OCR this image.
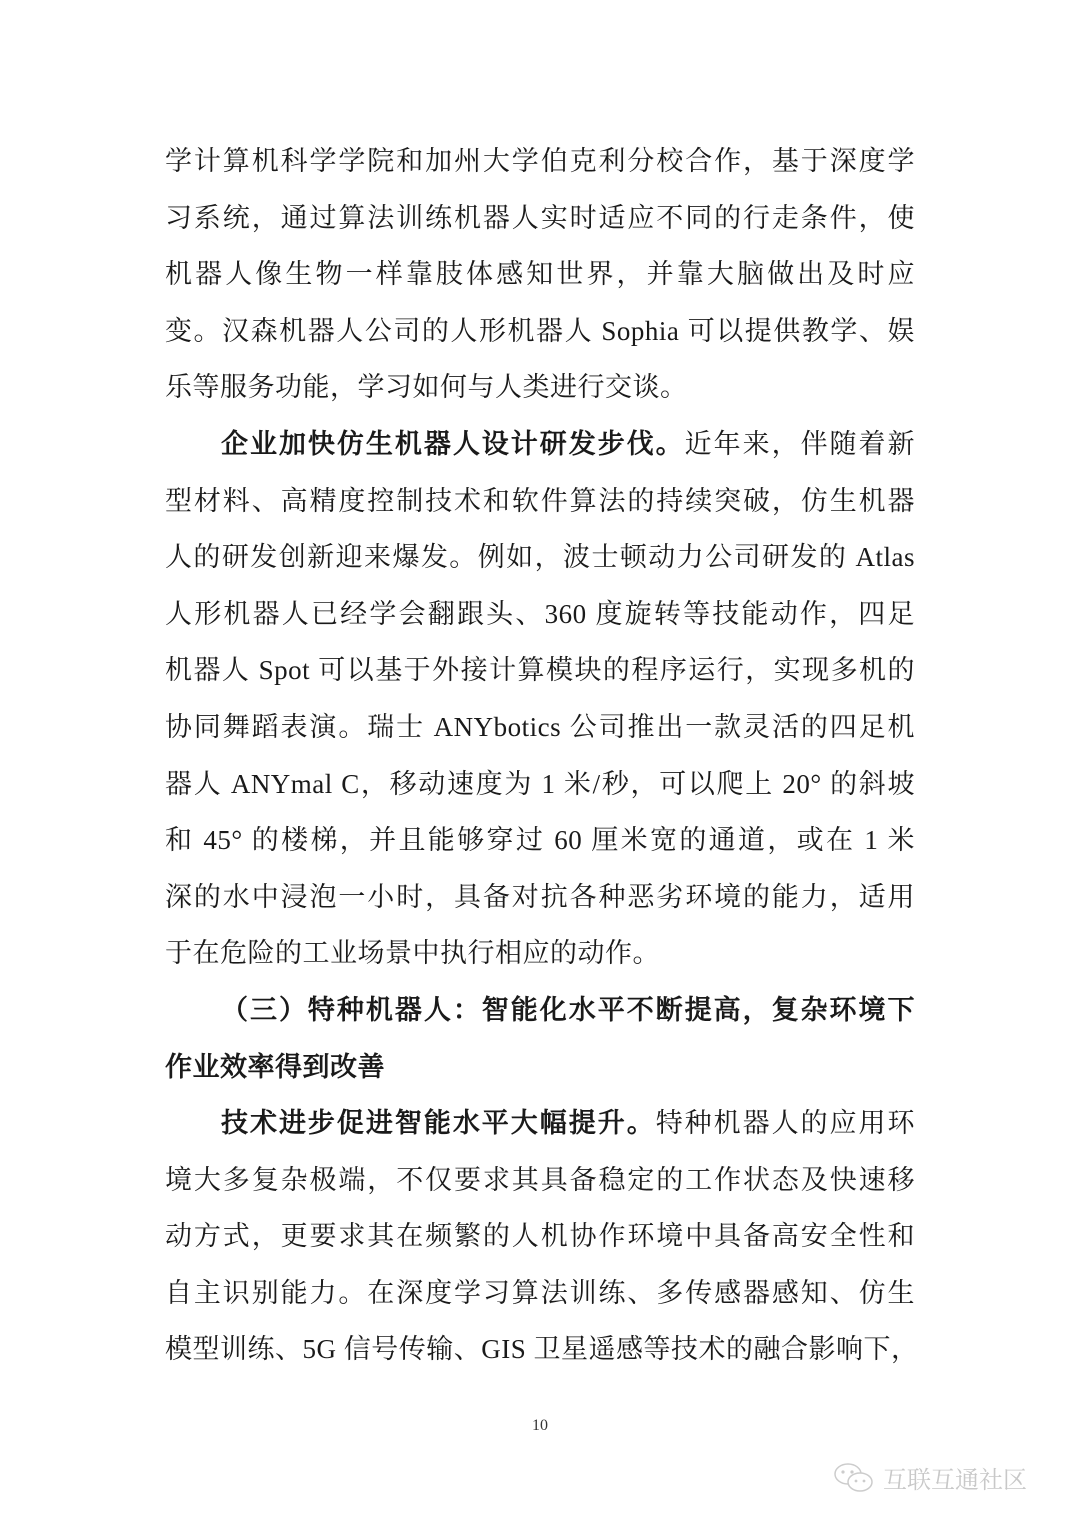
学计算机科学学院和加州大学伯克利分校合作，基于深度学
习系统，通过算法训练机器人实时适应不同的行走条件，使
机器人像生物一样靠肢体感知世界，并靠大脑做出及时应
变。汉森机器人公司的人形机器人 Sophia 可以提供教学、娱
乐等服务功能，学习如何与人类进行交谈。
企业加快仿生机器人设计研发步伐。近年来，伴随着新
型材料、高精度控制技术和软件算法的持续突破，仿生机器
人的研发创新迎来爆发。例如，波士顿动力公司研发的 Atlas
人形机器人已经学会翻跟头、360 度旋转等技能动作，四足
机器人 Spot 可以基于外接计算模块的程序运行，实现多机的
协同舞蹈表演。瑞士 ANYbotics 公司推出一款灵活的四足机
器人 ANYmal C，移动速度为 1 米/秒，可以爬上 20° 的斜坡
和 45° 的楼梯，并且能够穿过 60 厘米宽的通道，或在 1 米
深的水中浸泡一小时，具备对抗各种恶劣环境的能力，适用
于在危险的工业场景中执行相应的动作。
（三）特种机器人：智能化水平不断提高，复杂环境下
作业效率得到改善
技术进步促进智能水平大幅提升。特种机器人的应用环
境大多复杂极端，不仅要求其具备稳定的工作状态及快速移
动方式，更要求其在频繁的人机协作环境中具备高安全性和
自主识别能力。在深度学习算法训练、多传感器感知、仿生
模型训练、5G 信号传输、GIS 卫星遥感等技术的融合影响下，
10
互联互通社区
